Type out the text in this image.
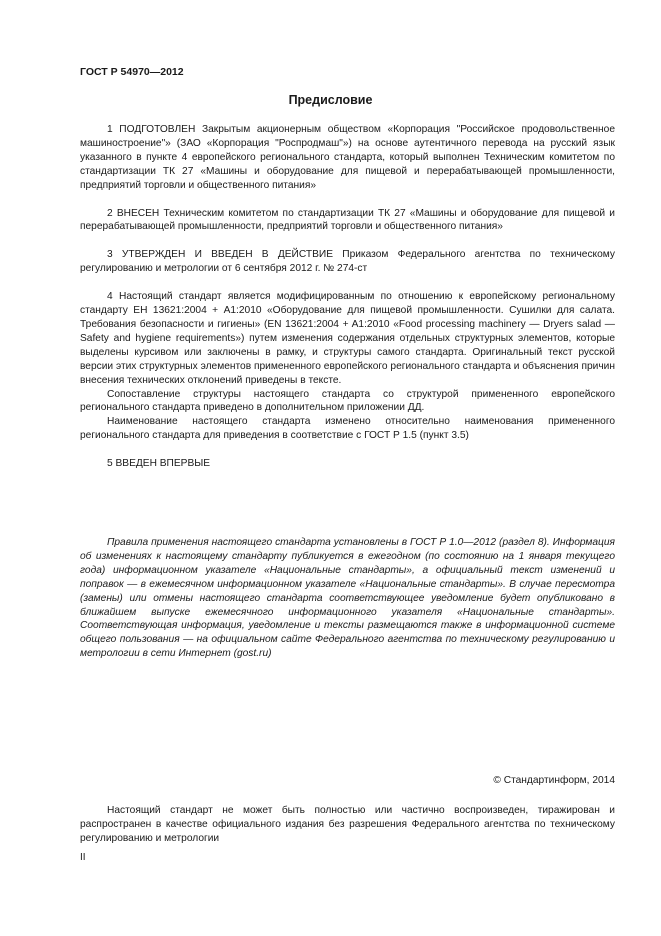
ГОСТ Р 54970—2012
Предисловие

1 ПОДГОТОВЛЕН Закрытым акционерным обществом «Корпорация "Российское продовольственное машиностроение"» (ЗАО «Корпорация "Роспродмаш"») на основе аутентичного перевода на русский язык указанного в пункте 4 европейского регионального стандарта, который выполнен Техническим комитетом по стандартизации ТК 27 «Машины и оборудование для пищевой и перерабатывающей промышленности, предприятий торговли и общественного питания»

2 ВНЕСЕН Техническим комитетом по стандартизации ТК 27 «Машины и оборудование для пищевой и перерабатывающей промышленности, предприятий торговли и общественного питания»

3 УТВЕРЖДЕН И ВВЕДЕН В ДЕЙСТВИЕ Приказом Федерального агентства по техническому регулированию и метрологии от 6 сентября 2012 г. № 274-ст

4 Настоящий стандарт является модифицированным по отношению к европейскому региональному стандарту ЕН 13621:2004 + А1:2010 «Оборудование для пищевой промышленности. Сушилки для салата. Требования безопасности и гигиены» (EN 13621:2004 + A1:2010 «Food processing machinery — Dryers salad — Safety and hygiene requirements») путем изменения содержания отдельных структурных элементов, которые выделены курсивом или заключены в рамку, и структуры самого стандарта. Оригинальный текст русской версии этих структурных элементов примененного европейского регионального стандарта и объяснения причин внесения технических отклонений приведены в тексте.

Сопоставление структуры настоящего стандарта со структурой примененного европейского регионального стандарта приведено в дополнительном приложении ДД.

Наименование настоящего стандарта изменено относительно наименования примененного регионального стандарта для приведения в соответствие с ГОСТ Р 1.5 (пункт 3.5)

5 ВВЕДЕН ВПЕРВЫЕ

Правила применения настоящего стандарта установлены в ГОСТ Р 1.0—2012 (раздел 8). Информация об изменениях к настоящему стандарту публикуется в ежегодном (по состоянию на 1 января текущего года) информационном указателе «Национальные стандарты», а официальный текст изменений и поправок — в ежемесячном информационном указателе «Национальные стандарты». В случае пересмотра (замены) или отмены настоящего стандарта соответствующее уведомление будет опубликовано в ближайшем выпуске ежемесячного информационного указателя «Национальные стандарты». Соответствующая информация, уведомление и тексты размещаются также в информационной системе общего пользования — на официальном сайте Федерального агентства по техническому регулированию и метрологии в сети Интернет (gost.ru)

© Стандартинформ, 2014

Настоящий стандарт не может быть полностью или частично воспроизведен, тиражирован и распространен в качестве официального издания без разрешения Федерального агентства по техническому регулированию и метрологии

II
